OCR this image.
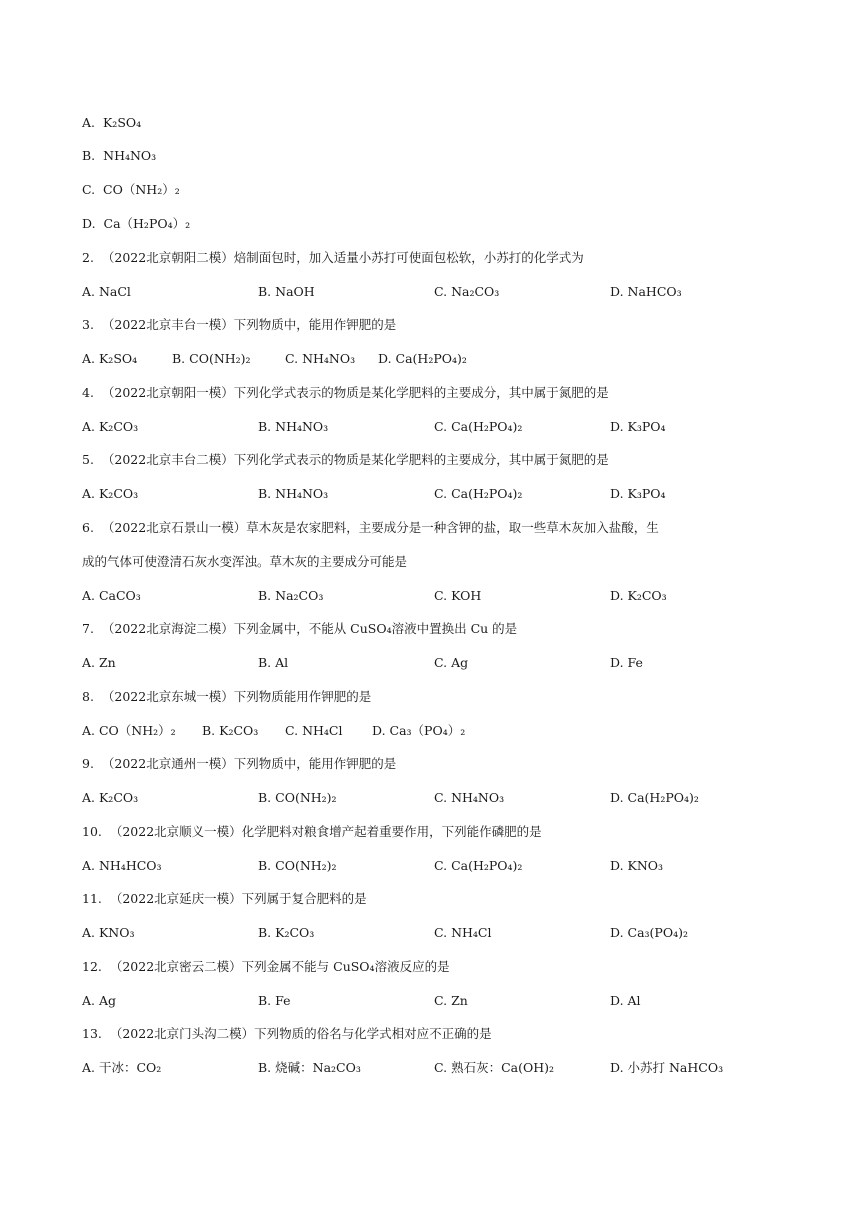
A. K₂SO₄
B. NH₄NO₃
C. CO（NH₂）₂
D. Ca（H₂PO₄）₂
2. （2022北京朝阳二模）焙制面包时，加入适量小苏打可使面包松软，小苏打的化学式为
A. NaCl	B. NaOH	C. Na₂CO₃	D. NaHCO₃
3. （2022北京丰台一模）下列物质中，能用作钾肥的是
A. K₂SO₄	B. CO(NH₂)₂	C. NH₄NO₃ D. Ca(H₂PO₄)₂
4. （2022北京朝阳一模）下列化学式表示的物质是某化学肥料的主要成分，其中属于氮肥的是
A. K₂CO₃	B. NH₄NO₃	C. Ca(H₂PO₄)₂	D. K₃PO₄
5. （2022北京丰台二模）下列化学式表示的物质是某化学肥料的主要成分，其中属于氮肥的是
A. K₂CO₃	B. NH₄NO₃	C. Ca(H₂PO₄)₂	D. K₃PO₄
6. （2022北京石景山一模）草木灰是农家肥料，主要成分是一种含钾的盐，取一些草木灰加入盐酸，生
成的气体可使澄清石灰水变浑浊。草木灰的主要成分可能是
A. CaCO₃	B. Na₂CO₃	C. KOH	D. K₂CO₃
7. （2022北京海淀二模）下列金属中，不能从 CuSO₄溶液中置换出 Cu 的是
A. Zn	B. Al	C. Ag	D. Fe
8. （2022北京东城一模）下列物质能用作钾肥的是
A. CO（NH₂）₂ B. K₂CO₃ C. NH₄Cl D. Ca₃（PO₄）₂
9. （2022北京通州一模）下列物质中，能用作钾肥的是
A. K₂CO₃	B. CO(NH₂)₂	C. NH₄NO₃	D. Ca(H₂PO₄)₂
10. （2022北京顺义一模）化学肥料对粮食增产起着重要作用，下列能作磷肥的是
A. NH₄HCO₃	B. CO(NH₂)₂	C. Ca(H₂PO₄)₂	D. KNO₃
11. （2022北京延庆一模）下列属于复合肥料的是
A. KNO₃	B. K₂CO₃	C. NH₄Cl	D. Ca₃(PO₄)₂
12. （2022北京密云二模）下列金属不能与 CuSO₄溶液反应的是
A. Ag	B. Fe	C. Zn	D. Al
13. （2022北京门头沟二模）下列物质的俗名与化学式相对应不正确的是
A. 干冰：CO₂	B. 烧碱：Na₂CO₃	C. 熟石灰：Ca(OH)₂	D. 小苏打 NaHCO₃
